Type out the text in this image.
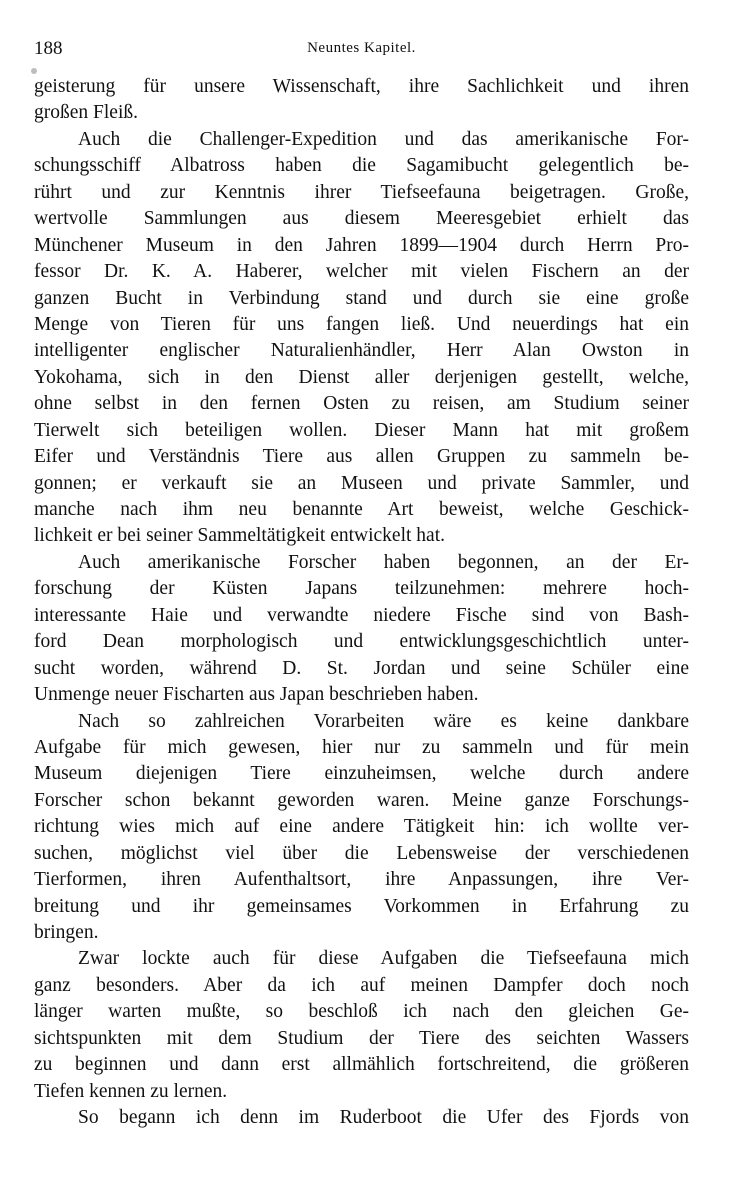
188	Neuntes Kapitel.
geisterung für unsere Wissenschaft, ihre Sachlichkeit und ihren
großen Fleiß.
Auch die Challenger-Expedition und das amerikanische For-
schungsschiff Albatross haben die Sagamibucht gelegentlich be-
rührt und zur Kenntnis ihrer Tiefseefauna beigetragen. Große,
wertvolle Sammlungen aus diesem Meeresgebiet erhielt das
Münchener Museum in den Jahren 1899—1904 durch Herrn Pro-
fessor Dr. K. A. Haberer, welcher mit vielen Fischern an der
ganzen Bucht in Verbindung stand und durch sie eine große
Menge von Tieren für uns fangen ließ. Und neuerdings hat ein
intelligenter englischer Naturalienhändler, Herr Alan Owston in
Yokohama, sich in den Dienst aller derjenigen gestellt, welche,
ohne selbst in den fernen Osten zu reisen, am Studium seiner
Tierwelt sich beteiligen wollen. Dieser Mann hat mit großem
Eifer und Verständnis Tiere aus allen Gruppen zu sammeln be-
gonnen; er verkauft sie an Museen und private Sammler, und
manche nach ihm neu benannte Art beweist, welche Geschick-
lichkeit er bei seiner Sammeltätigkeit entwickelt hat.
Auch amerikanische Forscher haben begonnen, an der Er-
forschung der Küsten Japans teilzunehmen: mehrere hoch-
interessante Haie und verwandte niedere Fische sind von Bash-
ford Dean morphologisch und entwicklungsgeschichtlich unter-
sucht worden, während D. St. Jordan und seine Schüler eine
Unmenge neuer Fischarten aus Japan beschrieben haben.
Nach so zahlreichen Vorarbeiten wäre es keine dankbare
Aufgabe für mich gewesen, hier nur zu sammeln und für mein
Museum diejenigen Tiere einzuheimsen, welche durch andere
Forscher schon bekannt geworden waren. Meine ganze Forschungs-
richtung wies mich auf eine andere Tätigkeit hin: ich wollte ver-
suchen, möglichst viel über die Lebensweise der verschiedenen
Tierformen, ihren Aufenthaltsort, ihre Anpassungen, ihre Ver-
breitung und ihr gemeinsames Vorkommen in Erfahrung zu
bringen.
Zwar lockte auch für diese Aufgaben die Tiefseefauna mich
ganz besonders. Aber da ich auf meinen Dampfer doch noch
länger warten mußte, so beschloß ich nach den gleichen Ge-
sichtspunkten mit dem Studium der Tiere des seichten Wassers
zu beginnen und dann erst allmählich fortschreitend, die größeren
Tiefen kennen zu lernen.
So begann ich denn im Ruderboot die Ufer des Fjords von
